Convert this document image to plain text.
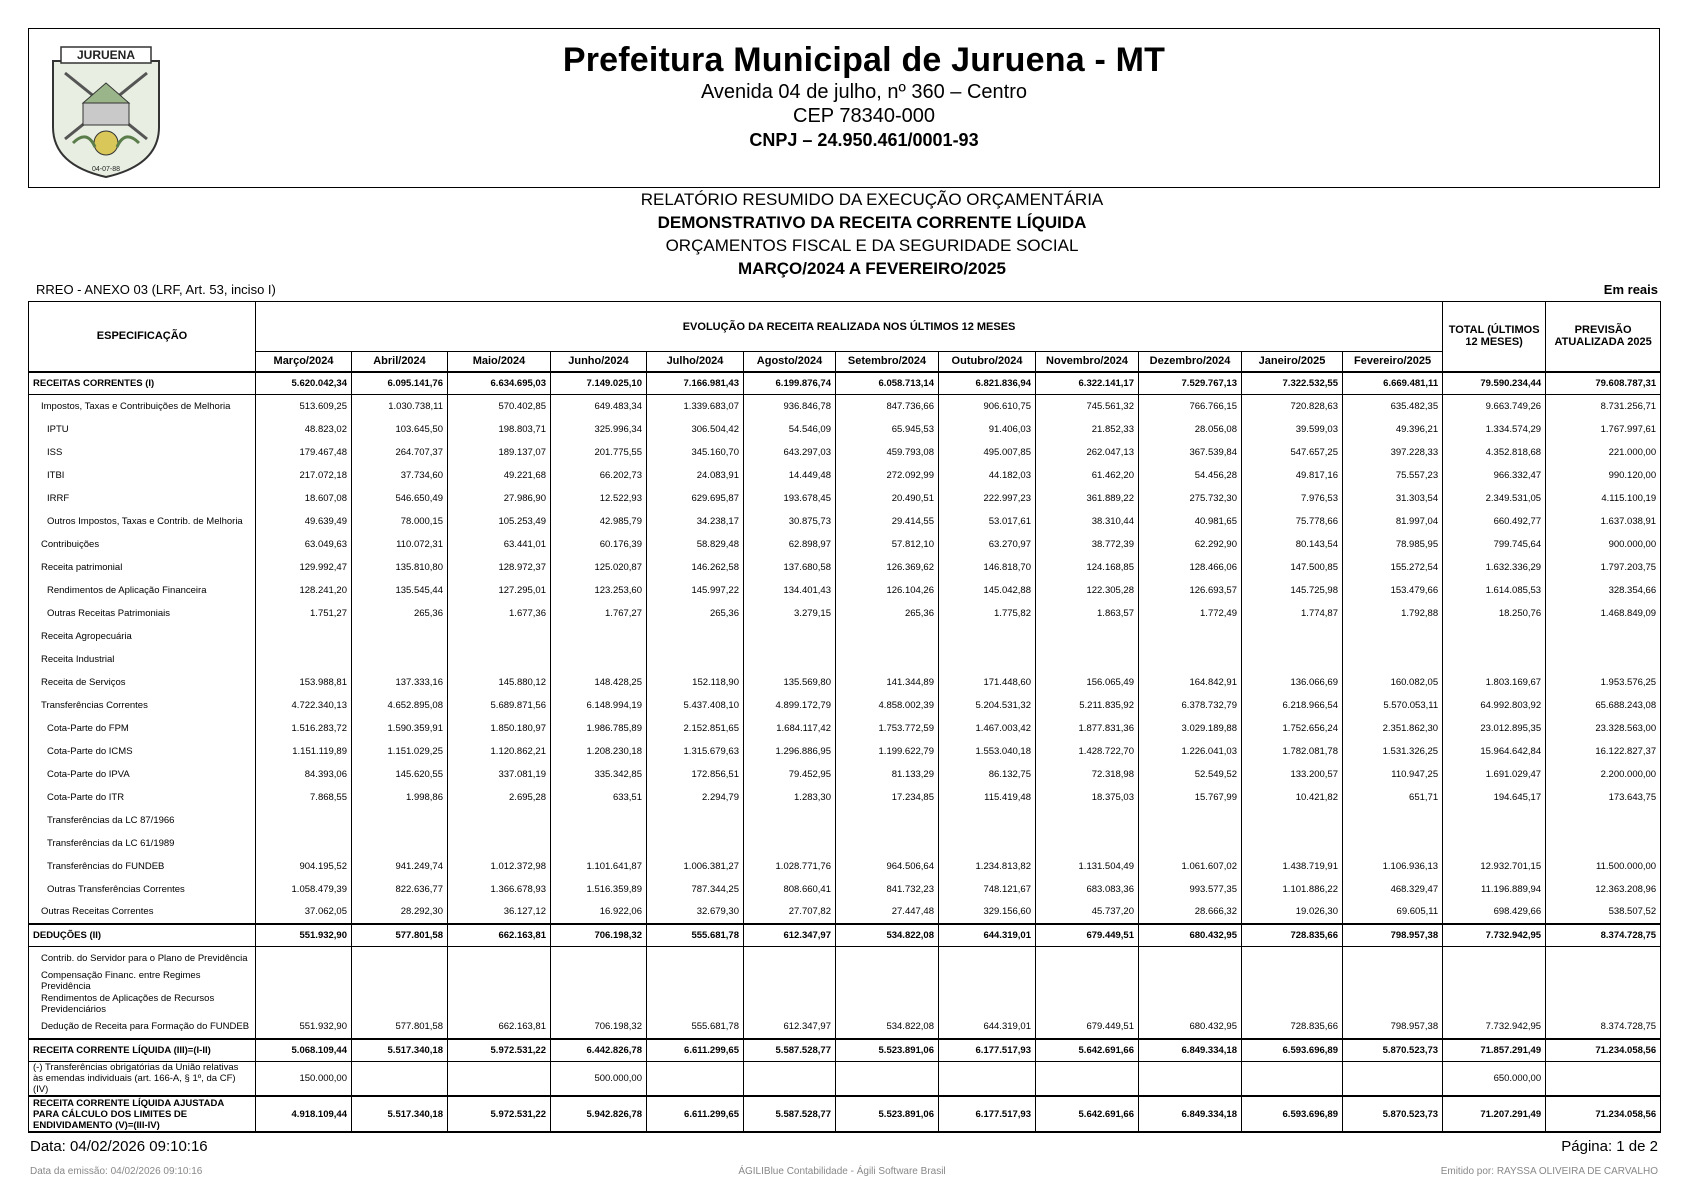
JURUENA
04-07-88
Prefeitura Municipal de Juruena - MT
Avenida 04 de julho, nº 360 – Centro
CEP 78340-000
CNPJ – 24.950.461/0001-93
RELATÓRIO RESUMIDO DA EXECUÇÃO ORÇAMENTÁRIA
DEMONSTRATIVO DA RECEITA CORRENTE LÍQUIDA
ORÇAMENTOS FISCAL E DA SEGURIDADE SOCIAL
MARÇO/2024 A FEVEREIRO/2025
RREO - ANEXO 03 (LRF, Art. 53, inciso I)	Em reais
ESPECIFICAÇÃO	EVOLUÇÃO DA RECEITA REALIZADA NOS ÚLTIMOS 12 MESES												TOTAL (ÚLTIMOS 12 MESES)	PREVISÃO ATUALIZADA 2025
	Março/2024	Abril/2024	Maio/2024	Junho/2024	Julho/2024	Agosto/2024	Setembro/2024	Outubro/2024	Novembro/2024	Dezembro/2024	Janeiro/2025	Fevereiro/2025		
RECEITAS CORRENTES (I)	5.620.042,34	6.095.141,76	6.634.695,03	7.149.025,10	7.166.981,43	6.199.876,74	6.058.713,14	6.821.836,94	6.322.141,17	7.529.767,13	7.322.532,55	6.669.481,11	79.590.234,44	79.608.787,31
Impostos, Taxas e Contribuições de Melhoria	513.609,25	1.030.738,11	570.402,85	649.483,34	1.339.683,07	936.846,78	847.736,66	906.610,75	745.561,32	766.766,15	720.828,63	635.482,35	9.663.749,26	8.731.256,71
IPTU	48.823,02	103.645,50	198.803,71	325.996,34	306.504,42	54.546,09	65.945,53	91.406,03	21.852,33	28.056,08	39.599,03	49.396,21	1.334.574,29	1.767.997,61
ISS	179.467,48	264.707,37	189.137,07	201.775,55	345.160,70	643.297,03	459.793,08	495.007,85	262.047,13	367.539,84	547.657,25	397.228,33	4.352.818,68	221.000,00
ITBI	217.072,18	37.734,60	49.221,68	66.202,73	24.083,91	14.449,48	272.092,99	44.182,03	61.462,20	54.456,28	49.817,16	75.557,23	966.332,47	990.120,00
IRRF	18.607,08	546.650,49	27.986,90	12.522,93	629.695,87	193.678,45	20.490,51	222.997,23	361.889,22	275.732,30	7.976,53	31.303,54	2.349.531,05	4.115.100,19
Outros Impostos, Taxas e Contrib. de Melhoria	49.639,49	78.000,15	105.253,49	42.985,79	34.238,17	30.875,73	29.414,55	53.017,61	38.310,44	40.981,65	75.778,66	81.997,04	660.492,77	1.637.038,91
Contribuições	63.049,63	110.072,31	63.441,01	60.176,39	58.829,48	62.898,97	57.812,10	63.270,97	38.772,39	62.292,90	80.143,54	78.985,95	799.745,64	900.000,00
Receita patrimonial	129.992,47	135.810,80	128.972,37	125.020,87	146.262,58	137.680,58	126.369,62	146.818,70	124.168,85	128.466,06	147.500,85	155.272,54	1.632.336,29	1.797.203,75
Rendimentos de Aplicação Financeira	128.241,20	135.545,44	127.295,01	123.253,60	145.997,22	134.401,43	126.104,26	145.042,88	122.305,28	126.693,57	145.725,98	153.479,66	1.614.085,53	328.354,66
Outras Receitas Patrimoniais	1.751,27	265,36	1.677,36	1.767,27	265,36	3.279,15	265,36	1.775,82	1.863,57	1.772,49	1.774,87	1.792,88	18.250,76	1.468.849,09
Receita Agropecuária														
Receita Industrial														
Receita de Serviços	153.988,81	137.333,16	145.880,12	148.428,25	152.118,90	135.569,80	141.344,89	171.448,60	156.065,49	164.842,91	136.066,69	160.082,05	1.803.169,67	1.953.576,25
Transferências Correntes	4.722.340,13	4.652.895,08	5.689.871,56	6.148.994,19	5.437.408,10	4.899.172,79	4.858.002,39	5.204.531,32	5.211.835,92	6.378.732,79	6.218.966,54	5.570.053,11	64.992.803,92	65.688.243,08
Cota-Parte do FPM	1.516.283,72	1.590.359,91	1.850.180,97	1.986.785,89	2.152.851,65	1.684.117,42	1.753.772,59	1.467.003,42	1.877.831,36	3.029.189,88	1.752.656,24	2.351.862,30	23.012.895,35	23.328.563,00
Cota-Parte do ICMS	1.151.119,89	1.151.029,25	1.120.862,21	1.208.230,18	1.315.679,63	1.296.886,95	1.199.622,79	1.553.040,18	1.428.722,70	1.226.041,03	1.782.081,78	1.531.326,25	15.964.642,84	16.122.827,37
Cota-Parte do IPVA	84.393,06	145.620,55	337.081,19	335.342,85	172.856,51	79.452,95	81.133,29	86.132,75	72.318,98	52.549,52	133.200,57	110.947,25	1.691.029,47	2.200.000,00
Cota-Parte do ITR	7.868,55	1.998,86	2.695,28	633,51	2.294,79	1.283,30	17.234,85	115.419,48	18.375,03	15.767,99	10.421,82	651,71	194.645,17	173.643,75
Transferências da LC 87/1966														
Transferências da LC 61/1989														
Transferências do FUNDEB	904.195,52	941.249,74	1.012.372,98	1.101.641,87	1.006.381,27	1.028.771,76	964.506,64	1.234.813,82	1.131.504,49	1.061.607,02	1.438.719,91	1.106.936,13	12.932.701,15	11.500.000,00
Outras Transferências Correntes	1.058.479,39	822.636,77	1.366.678,93	1.516.359,89	787.344,25	808.660,41	841.732,23	748.121,67	683.083,36	993.577,35	1.101.886,22	468.329,47	11.196.889,94	12.363.208,96
Outras Receitas Correntes	37.062,05	28.292,30	36.127,12	16.922,06	32.679,30	27.707,82	27.447,48	329.156,60	45.737,20	28.666,32	19.026,30	69.605,11	698.429,66	538.507,52
DEDUÇÕES (II)	551.932,90	577.801,58	662.163,81	706.198,32	555.681,78	612.347,97	534.822,08	644.319,01	679.449,51	680.432,95	728.835,66	798.957,38	7.732.942,95	8.374.728,75
Contrib. do Servidor para o Plano de Previdência														
Compensação Financ. entre Regimes Previdência														
Rendimentos de Aplicações de Recursos Previdenciários														
Dedução de Receita para Formação do FUNDEB	551.932,90	577.801,58	662.163,81	706.198,32	555.681,78	612.347,97	534.822,08	644.319,01	679.449,51	680.432,95	728.835,66	798.957,38	7.732.942,95	8.374.728,75
RECEITA CORRENTE LÍQUIDA (III)=(I-II)	5.068.109,44	5.517.340,18	5.972.531,22	6.442.826,78	6.611.299,65	5.587.528,77	5.523.891,06	6.177.517,93	5.642.691,66	6.849.334,18	6.593.696,89	5.870.523,73	71.857.291,49	71.234.058,56
(-) Transferências obrigatórias da União relativas às emendas individuais (art. 166-A, § 1º, da CF) (IV)	150.000,00			500.000,00									650.000,00	
RECEITA CORRENTE LÍQUIDA AJUSTADA PARA CÁLCULO DOS LIMITES DE ENDIVIDAMENTO (V)=(III-IV)	4.918.109,44	5.517.340,18	5.972.531,22	5.942.826,78	6.611.299,65	5.587.528,77	5.523.891,06	6.177.517,93	5.642.691,66	6.849.334,18	6.593.696,89	5.870.523,73	71.207.291,49	71.234.058,56
Data: 04/02/2026 09:10:16	Página: 1 de 2
Data da emissão: 04/02/2026 09:10:16	ÁGILIBlue Contabilidade - Ágili Software Brasil	Emitido por: RAYSSA OLIVEIRA DE CARVALHO
